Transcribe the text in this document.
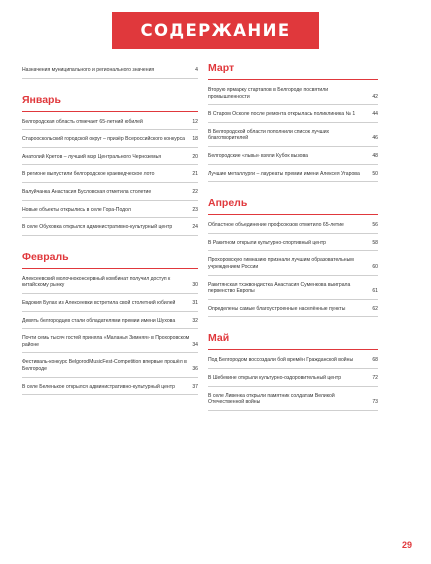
СОДЕРЖАНИЕ
Назначения муниципального и регионального значения	4
Январь
Белгородская область отмечает 65-летний юбилей	12
Старооскольский городской округ – призёр Всероссийского конкурса	18
Анатолий Кретов – лучший мэр Центрального Черноземья	20
В регионе выпустили белгородское краеведческое лото	21
Валуйчанка Анастасия Бусловская отметила столетие	22
Новые объекты открылись в селе Гора-Подол	23
В селе Обуховка открылся административно-культурный центр	24
Февраль
Алексеевский молочноконсервный комбинат получил доступ к китайскому рынку	30
Евдокия Булах из Алексеевки встретила свой столетний юбилей	31
Девять белгородцев стали обладателями премии имени Шухова	32
Почти семь тысяч гостей приняла «Маланья Зимняя» в Прохоровском районе	34
Фестиваль-конкурс BelgorodMusicFest-Competition впервые прошёл в Белгороде	36
В селе Беленькое открылся административно-культурный центр	37
Март
Вторую ярмарку стартапов в Белгороде посвятили промышленности	42
В Старом Осколе после ремонта открылась поликлиника № 1	44
В Белгородской области пополнили список лучших благотворителей	46
Белгородские «львы» взяли Кубок вызова	48
Лучшие металлурги – лауреаты премии имени Алексея Угарова	50
Апрель
Областное объединение профсоюзов отметило 65-летие	56
В Ракитном открыли культурно-спортивный центр	58
Прохоровскую гимназию признали лучшим образовательным учреждением России	60
Ракитянская тхэквондистка Анастасия Суменкова выиграла первенство Европы	61
Определены самые благоустроенные населённые пункты	62
Май
Под Белгородом воссоздали бой времён Гражданской войны	68
В Шебекине открыли культурно-оздоровительный центр	72
В селе Ливенка открыли памятник солдатам Великой Отечественной войны	73
29
